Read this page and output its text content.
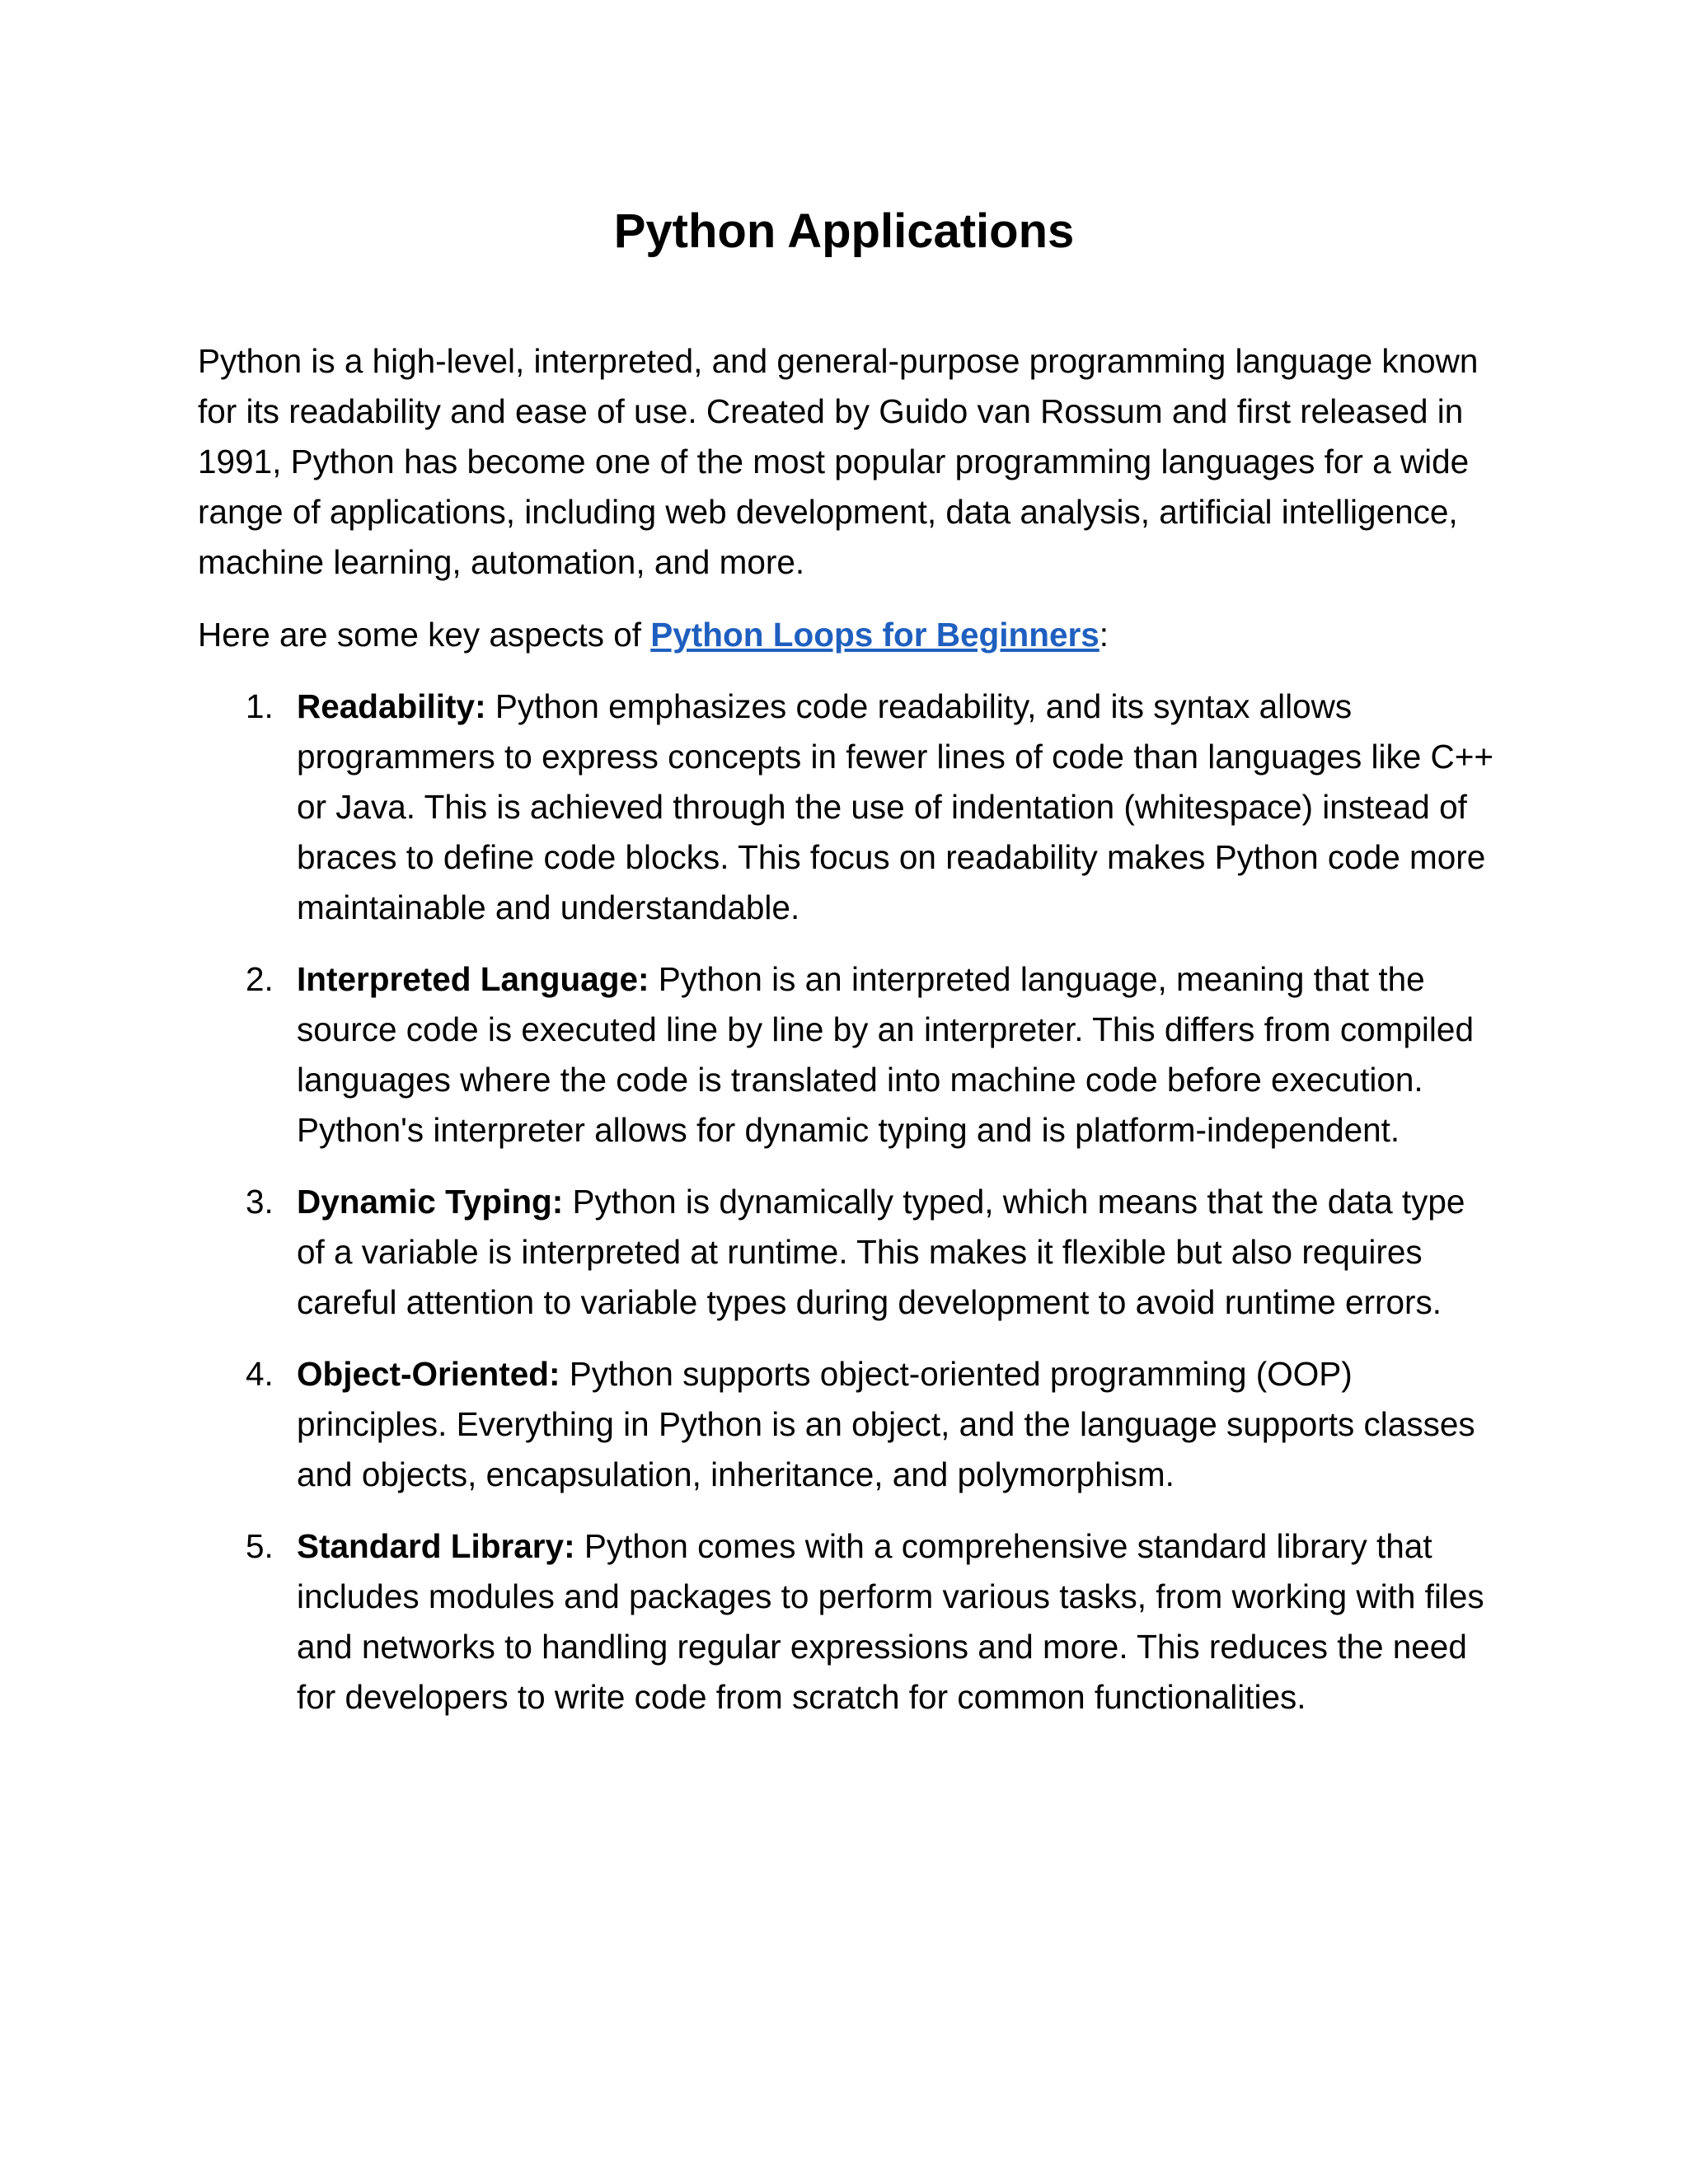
Python Applications

Python is a high-level, interpreted, and general-purpose programming language known for its readability and ease of use. Created by Guido van Rossum and first released in 1991, Python has become one of the most popular programming languages for a wide range of applications, including web development, data analysis, artificial intelligence, machine learning, automation, and more.

Here are some key aspects of Python Loops for Beginners:

1. Readability: Python emphasizes code readability, and its syntax allows programmers to express concepts in fewer lines of code than languages like C++ or Java. This is achieved through the use of indentation (whitespace) instead of braces to define code blocks. This focus on readability makes Python code more maintainable and understandable.
2. Interpreted Language: Python is an interpreted language, meaning that the source code is executed line by line by an interpreter. This differs from compiled languages where the code is translated into machine code before execution. Python's interpreter allows for dynamic typing and is platform-independent.
3. Dynamic Typing: Python is dynamically typed, which means that the data type of a variable is interpreted at runtime. This makes it flexible but also requires careful attention to variable types during development to avoid runtime errors.
4. Object-Oriented: Python supports object-oriented programming (OOP) principles. Everything in Python is an object, and the language supports classes and objects, encapsulation, inheritance, and polymorphism.
5. Standard Library: Python comes with a comprehensive standard library that includes modules and packages to perform various tasks, from working with files and networks to handling regular expressions and more. This reduces the need for developers to write code from scratch for common functionalities.
